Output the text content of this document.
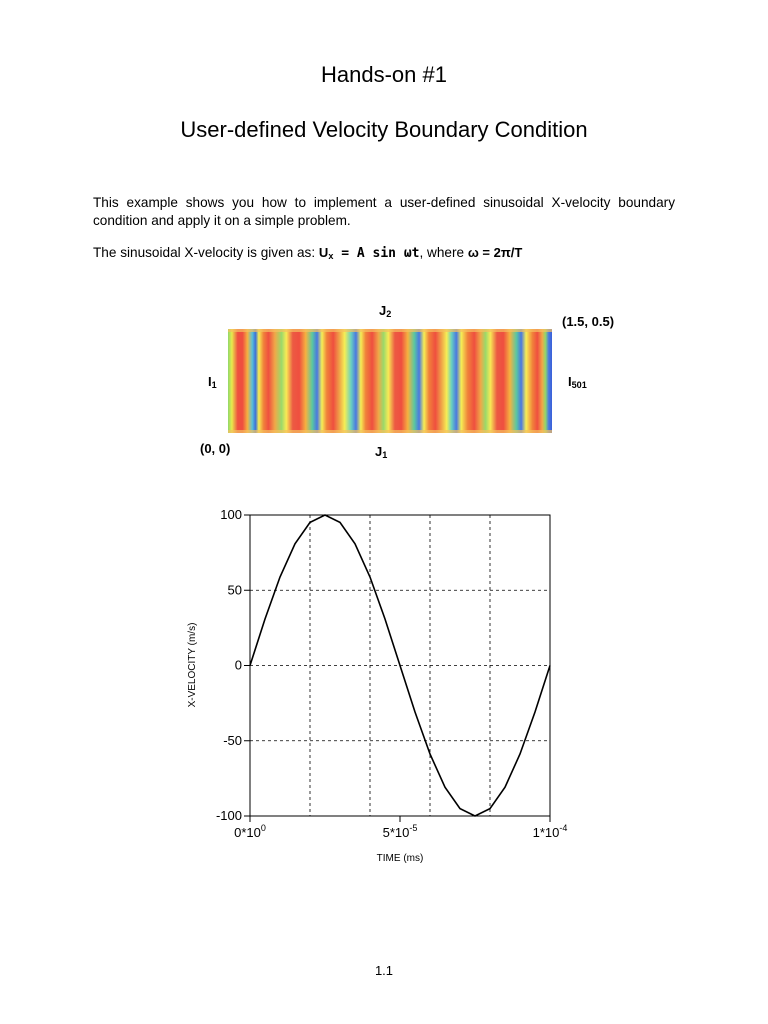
Hands-on #1
User-defined Velocity Boundary Condition
This example shows you how to implement a user-defined sinusoidal X-velocity boundary condition and apply it on a simple problem.
The sinusoidal X-velocity is given as: $U_x = A$ sin ωt, where ω = 2π/T
$J_2$
(1.5, 0.5)
$I_1$	$I_{501}$
(0, 0)	$J_1$
100
50
0
-50
-100
$0*10^0$	$5*10^{-5}$	$1*10^{-4}$
TIME (ms)
X-VELOCITY (m/s)
1.1
